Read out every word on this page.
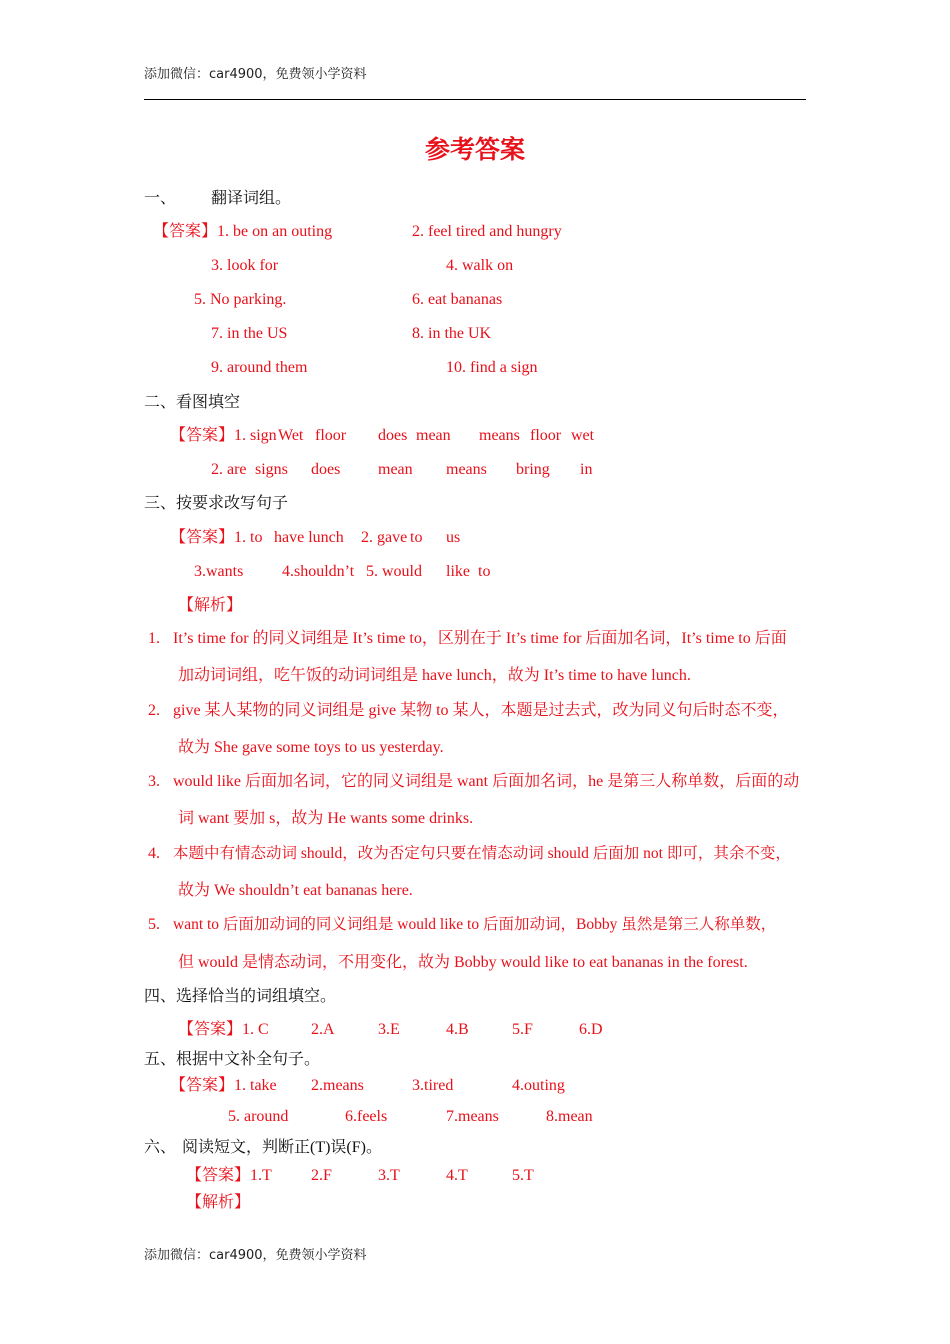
添加微信：car4900，免费领小学资料
参考答案
一、 翻译词组。
【答案】1. be on an outing	2. feel tired and hungry
3. look for	4. walk on
5. No parking.	6. eat bananas
7. in the US	8. in the UK
9. around them	10. find a sign
二、看图填空
【答案】1. sign Wet floor does mean means floor wet
2. are signs does mean means bring in
三、按要求改写句子
【答案】1. to have lunch 2. gave to us
3.wants 4.shouldn’t 5. would like to
【解析】
1. It’s time for 的同义词组是 It’s time to，区别在于 It’s time for 后面加名词，It’s time to 后面
加动词词组，吃午饭的动词词组是 have lunch，故为 It’s time to have lunch.
2. give 某人某物的同义词组是 give 某物 to 某人，本题是过去式，改为同义句后时态不变，
故为 She gave some toys to us yesterday.
3. would like 后面加名词，它的同义词组是 want 后面加名词，he 是第三人称单数，后面的动
词 want 要加 s，故为 He wants some drinks.
4. 本题中有情态动词 should，改为否定句只要在情态动词 should 后面加 not 即可，其余不变，
故为 We shouldn’t eat bananas here.
5. want to 后面加动词的同义词组是 would like to 后面加动词，Bobby 虽然是第三人称单数，
但 would 是情态动词，不用变化，故为 Bobby would like to eat bananas in the forest.
四、选择恰当的词组填空。
【答案】1. C	2.A	3.E	4.B	5.F	6.D
五、根据中文补全句子。
【答案】1. take 2.means	3.tired	4.outing
5. around	6.feels	7.means	8.mean
六、 阅读短文，判断正(T)误(F)。
【答案】1.T 2.F	3.T	4.T	5.T
【解析】
添加微信：car4900，免费领小学资料
